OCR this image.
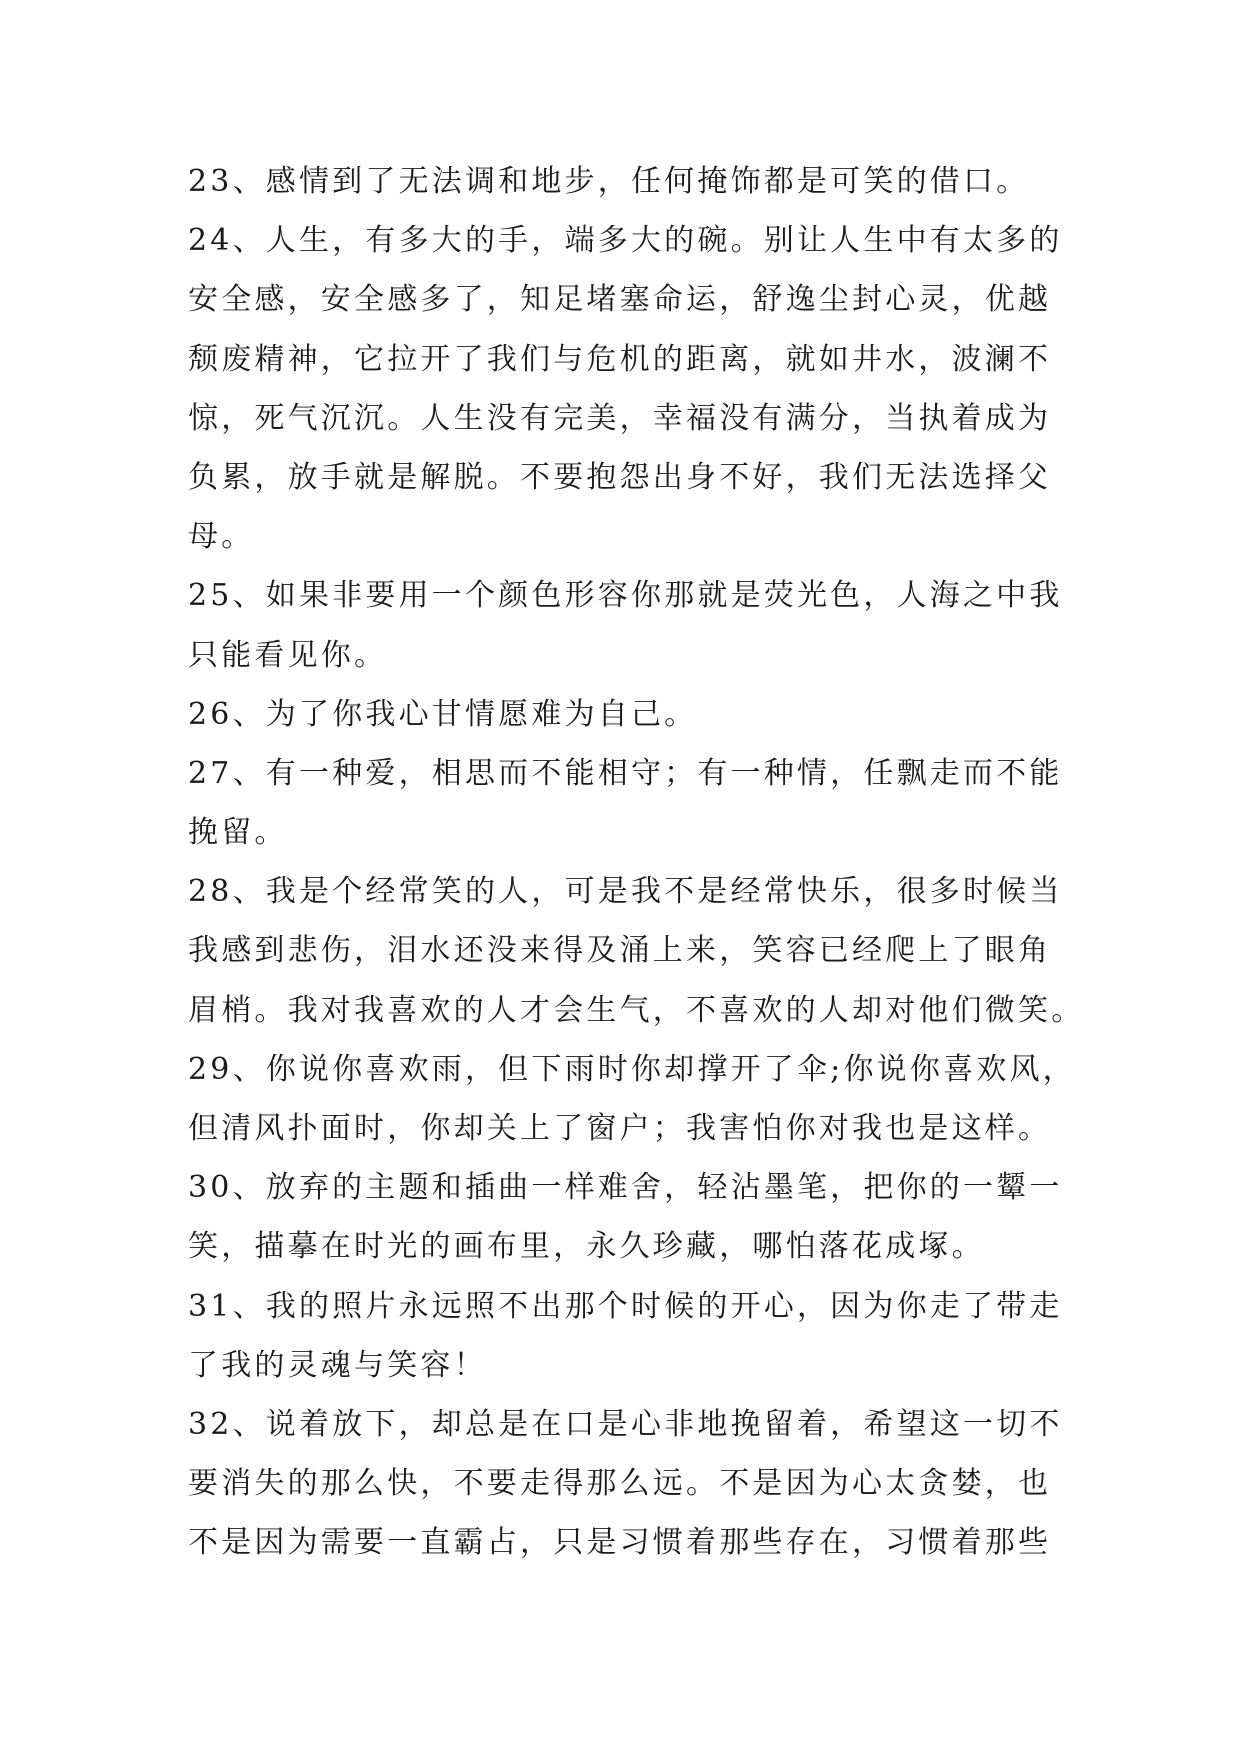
23、感情到了无法调和地步，任何掩饰都是可笑的借口。
24、人生，有多大的手，端多大的碗。别让人生中有太多的
安全感，安全感多了，知足堵塞命运，舒逸尘封心灵，优越
颓废精神，它拉开了我们与危机的距离，就如井水，波澜不
惊，死气沉沉。人生没有完美，幸福没有满分，当执着成为
负累，放手就是解脱。不要抱怨出身不好，我们无法选择父
母。
25、如果非要用一个颜色形容你那就是荧光色，人海之中我
只能看见你。
26、为了你我心甘情愿难为自己。
27、有一种爱，相思而不能相守；有一种情，任飘走而不能
挽留。
28、我是个经常笑的人，可是我不是经常快乐，很多时候当
我感到悲伤，泪水还没来得及涌上来，笑容已经爬上了眼角
眉梢。我对我喜欢的人才会生气，不喜欢的人却对他们微笑。
29、你说你喜欢雨，但下雨时你却撑开了伞;你说你喜欢风，
但清风扑面时，你却关上了窗户；我害怕你对我也是这样。
30、放弃的主题和插曲一样难舍，轻沾墨笔，把你的一颦一
笑，描摹在时光的画布里，永久珍藏，哪怕落花成塚。
31、我的照片永远照不出那个时候的开心，因为你走了带走
了我的灵魂与笑容！
32、说着放下，却总是在口是心非地挽留着，希望这一切不
要消失的那么快，不要走得那么远。不是因为心太贪婪，也
不是因为需要一直霸占，只是习惯着那些存在，习惯着那些
